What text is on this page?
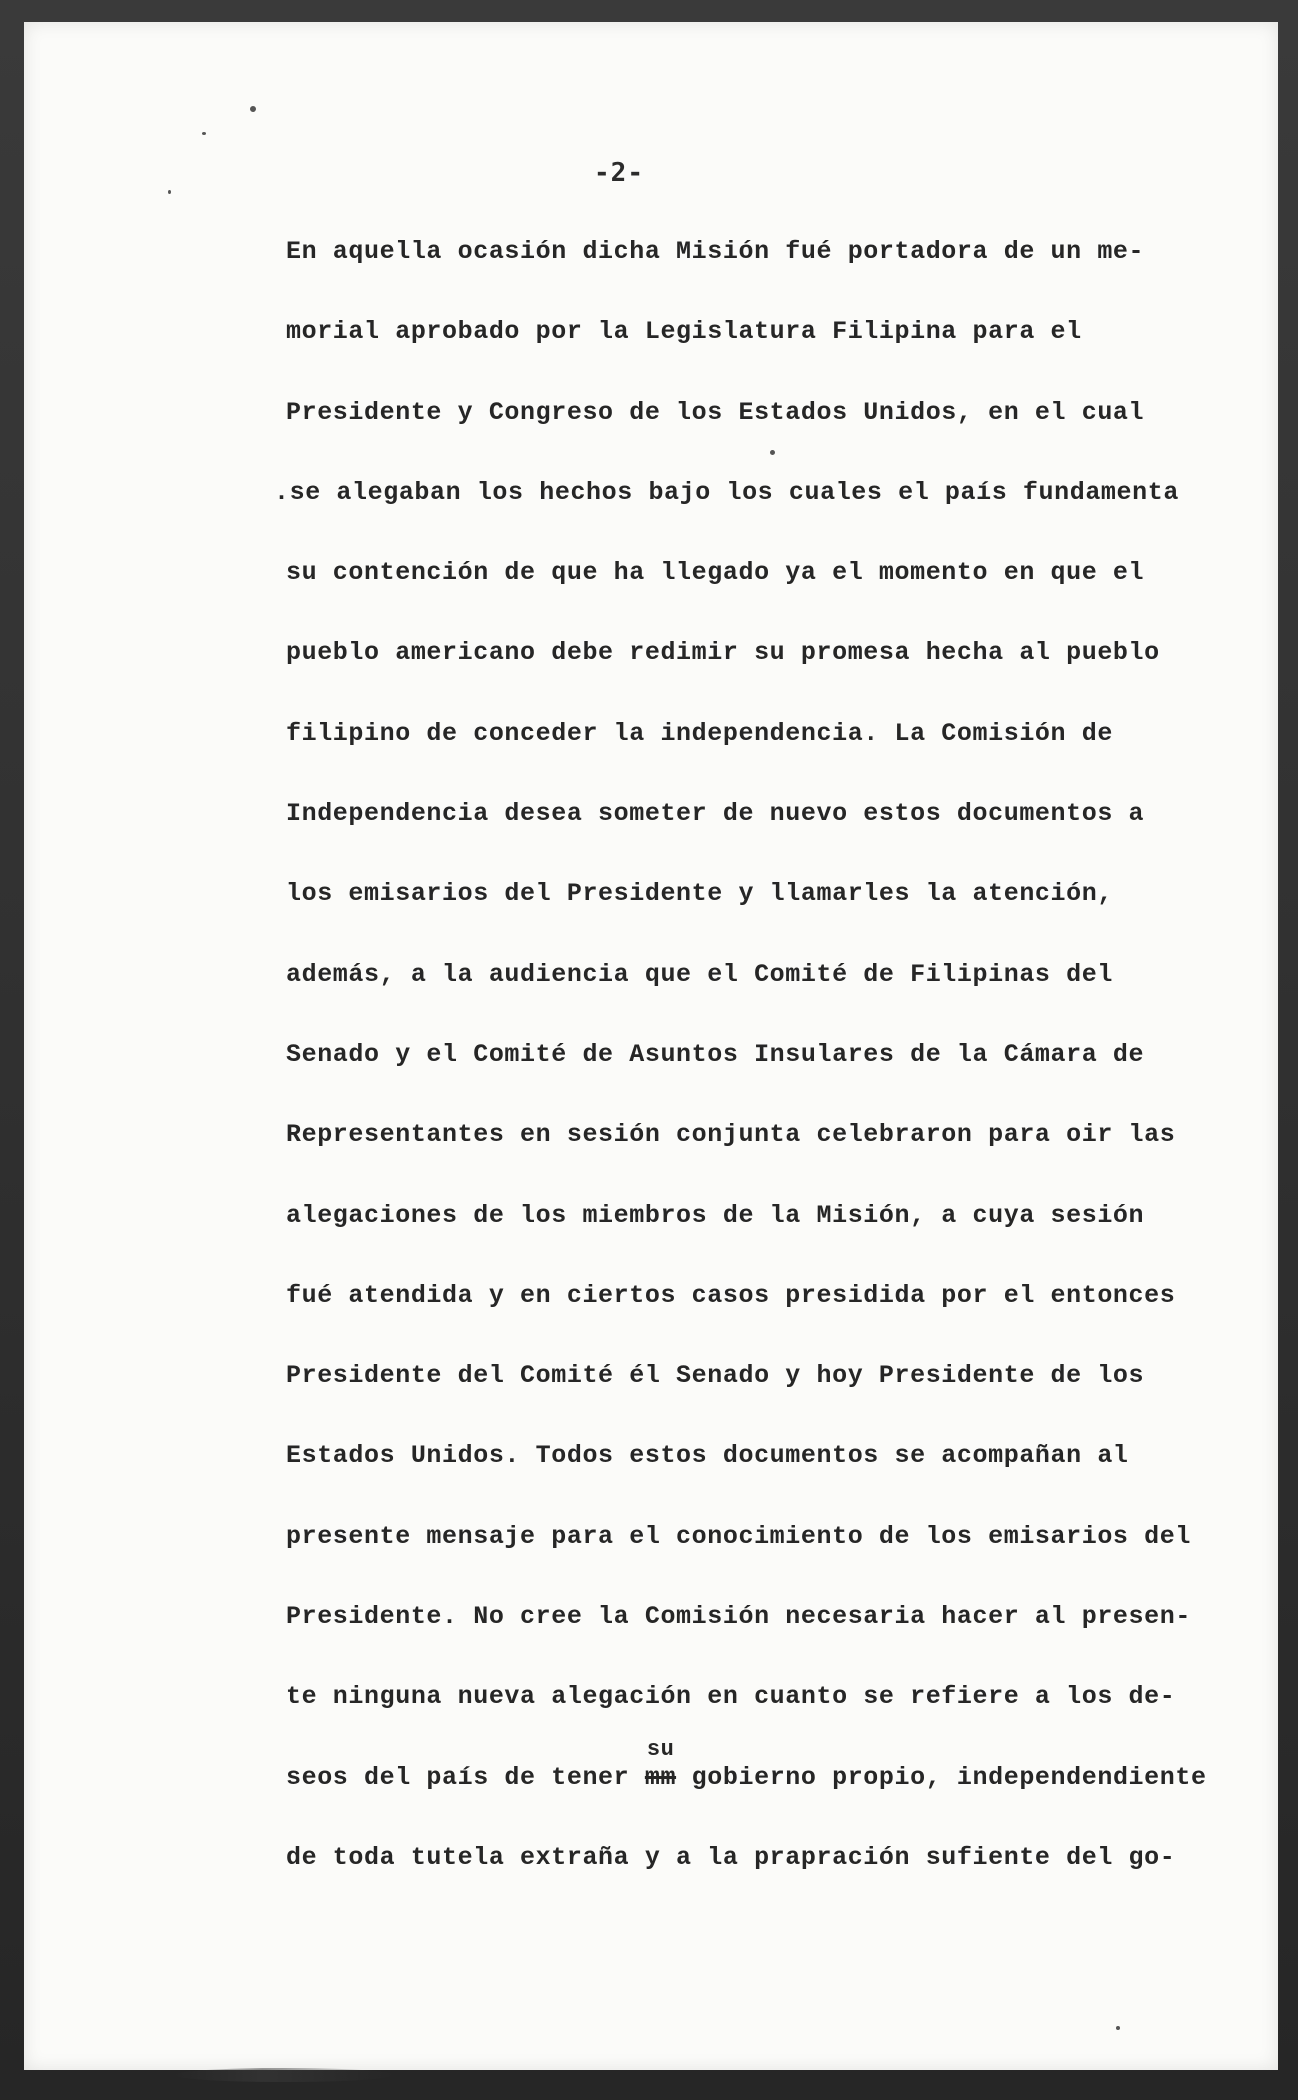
-2-
En aquella ocasión dicha Misión fué portadora de un me-
morial aprobado por la Legislatura Filipina para el
Presidente y Congreso de los Estados Unidos, en el cual
.se alegaban los hechos bajo los cuales el país fundamenta
su contención de que ha llegado ya el momento en que el
pueblo americano debe redimir su promesa hecha al pueblo
filipino de conceder la independencia. La Comisión de
Independencia desea someter de nuevo estos documentos a
los emisarios del Presidente y llamarles la atención,
además, a la audiencia que el Comité de Filipinas del
Senado y el Comité de Asuntos Insulares de la Cámara de
Representantes en sesión conjunta celebraron para oir las
alegaciones de los miembros de la Misión, a cuya sesión
fué atendida y en ciertos casos presidida por el entonces
Presidente del Comité él Senado y hoy Presidente de los
Estados Unidos. Todos estos documentos se acompañan al
presente mensaje para el conocimiento de los emisarios del
Presidente. No cree la Comisión necesaria hacer al presen-
te ninguna nueva alegación en cuanto se refiere a los de-
seos del país de tener
su
mm gobierno propio, independendiente
de toda tutela extraña y a la prapración sufiente del go-
